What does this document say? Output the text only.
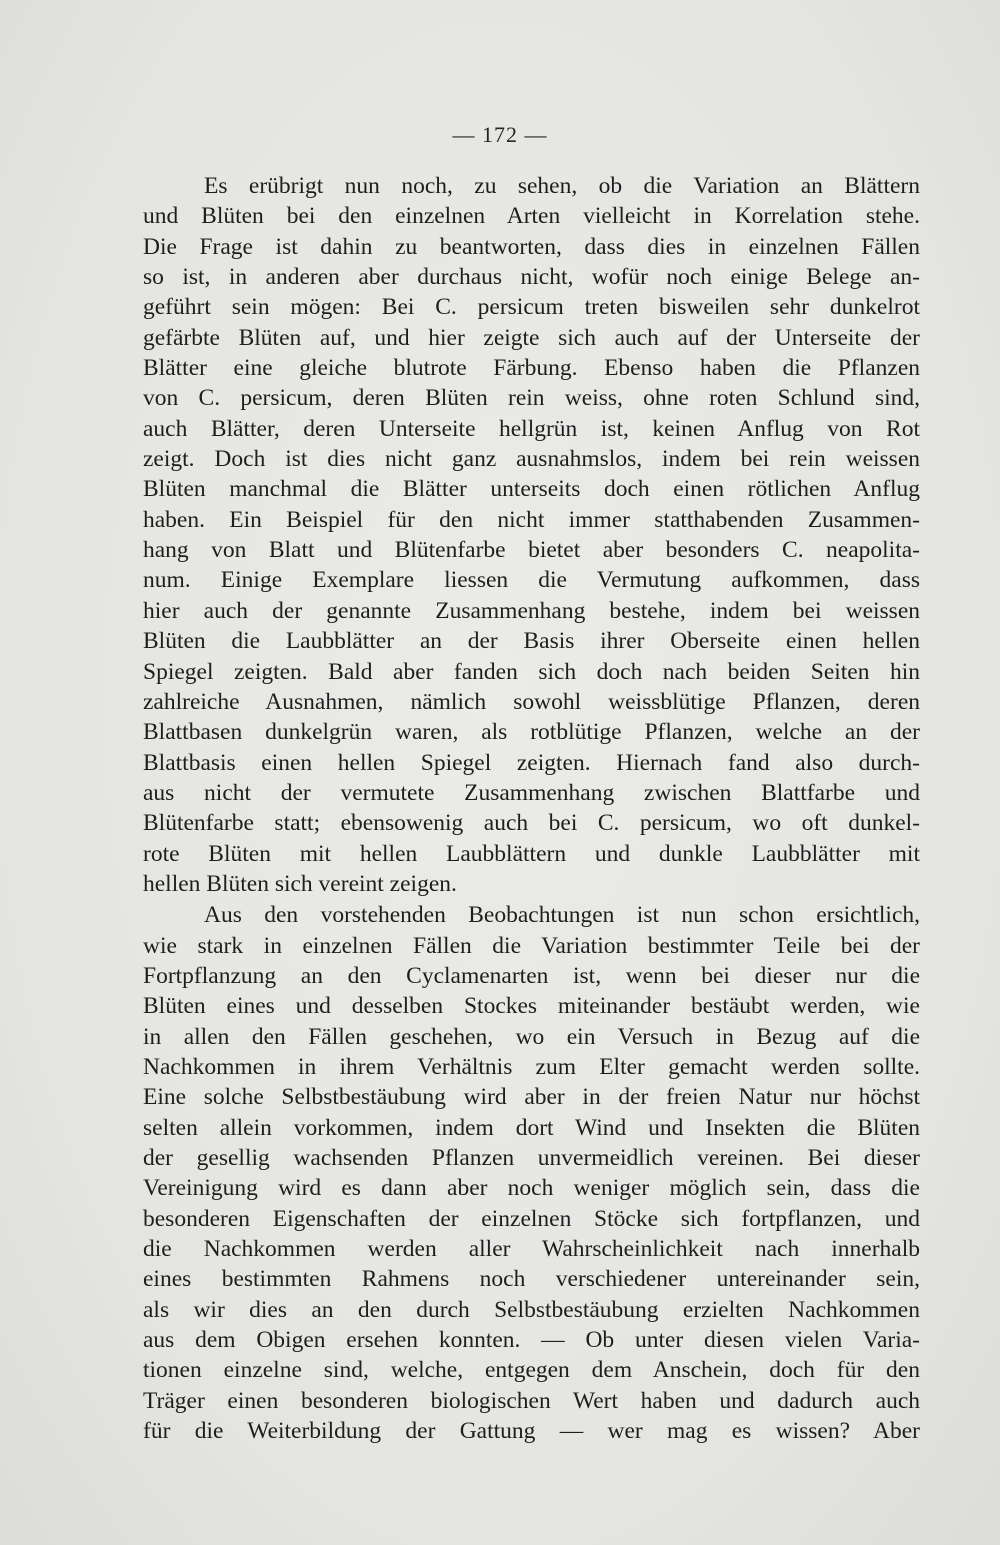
— 172 —
Es erübrigt nun noch, zu sehen, ob die Variation an Blättern
und Blüten bei den einzelnen Arten vielleicht in Korrelation stehe.
Die Frage ist dahin zu beantworten, dass dies in einzelnen Fällen
so ist, in anderen aber durchaus nicht, wofür noch einige Belege an-
geführt sein mögen: Bei C. persicum treten bisweilen sehr dunkelrot
gefärbte Blüten auf, und hier zeigte sich auch auf der Unterseite der
Blätter eine gleiche blutrote Färbung. Ebenso haben die Pflanzen
von C. persicum, deren Blüten rein weiss, ohne roten Schlund sind,
auch Blätter, deren Unterseite hellgrün ist, keinen Anflug von Rot
zeigt. Doch ist dies nicht ganz ausnahmslos, indem bei rein weissen
Blüten manchmal die Blätter unterseits doch einen rötlichen Anflug
haben. Ein Beispiel für den nicht immer statthabenden Zusammen-
hang von Blatt und Blütenfarbe bietet aber besonders C. neapolita-
num. Einige Exemplare liessen die Vermutung aufkommen, dass
hier auch der genannte Zusammenhang bestehe, indem bei weissen
Blüten die Laubblätter an der Basis ihrer Oberseite einen hellen
Spiegel zeigten. Bald aber fanden sich doch nach beiden Seiten hin
zahlreiche Ausnahmen, nämlich sowohl weissblütige Pflanzen, deren
Blattbasen dunkelgrün waren, als rotblütige Pflanzen, welche an der
Blattbasis einen hellen Spiegel zeigten. Hiernach fand also durch-
aus nicht der vermutete Zusammenhang zwischen Blattfarbe und
Blütenfarbe statt; ebensowenig auch bei C. persicum, wo oft dunkel-
rote Blüten mit hellen Laubblättern und dunkle Laubblätter mit
hellen Blüten sich vereint zeigen.
Aus den vorstehenden Beobachtungen ist nun schon ersichtlich,
wie stark in einzelnen Fällen die Variation bestimmter Teile bei der
Fortpflanzung an den Cyclamenarten ist, wenn bei dieser nur die
Blüten eines und desselben Stockes miteinander bestäubt werden, wie
in allen den Fällen geschehen, wo ein Versuch in Bezug auf die
Nachkommen in ihrem Verhältnis zum Elter gemacht werden sollte.
Eine solche Selbstbestäubung wird aber in der freien Natur nur höchst
selten allein vorkommen, indem dort Wind und Insekten die Blüten
der gesellig wachsenden Pflanzen unvermeidlich vereinen. Bei dieser
Vereinigung wird es dann aber noch weniger möglich sein, dass die
besonderen Eigenschaften der einzelnen Stöcke sich fortpflanzen, und
die Nachkommen werden aller Wahrscheinlichkeit nach innerhalb
eines bestimmten Rahmens noch verschiedener untereinander sein,
als wir dies an den durch Selbstbestäubung erzielten Nachkommen
aus dem Obigen ersehen konnten. — Ob unter diesen vielen Varia-
tionen einzelne sind, welche, entgegen dem Anschein, doch für den
Träger einen besonderen biologischen Wert haben und dadurch auch
für die Weiterbildung der Gattung — wer mag es wissen? Aber
